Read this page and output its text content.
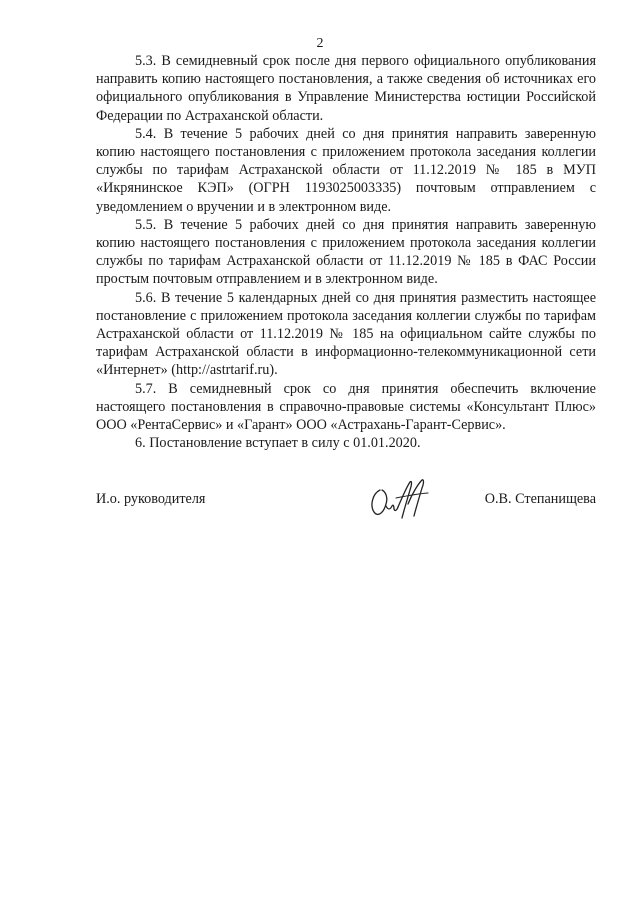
2

5.3. В семидневный срок после дня первого официального опубликования направить копию настоящего постановления, а также сведения об источниках его официального опубликования в Управление Министерства юстиции Российской Федерации по Астраханской области.

5.4. В течение 5 рабочих дней со дня принятия направить заверенную копию настоящего постановления с приложением протокола заседания коллегии службы по тарифам Астраханской области от 11.12.2019 № 185 в МУП «Икрянинское КЭП» (ОГРН 1193025003335) почтовым отправлением с уведомлением о вручении и в электронном виде.

5.5. В течение 5 рабочих дней со дня принятия направить заверенную копию настоящего постановления с приложением протокола заседания коллегии службы по тарифам Астраханской области от 11.12.2019 № 185 в ФАС России простым почтовым отправлением и в электронном виде.

5.6. В течение 5 календарных дней со дня принятия разместить настоящее постановление с приложением протокола заседания коллегии службы по тарифам Астраханской области от 11.12.2019 № 185 на официальном сайте службы по тарифам Астраханской области в информационно-телекоммуникационной сети «Интернет» (http://astrtarif.ru).

5.7. В семидневный срок со дня принятия обеспечить включение настоящего постановления в справочно-правовые системы «Консультант Плюс» ООО «РентаСервис» и «Гарант» ООО «Астрахань-Гарант-Сервис».

6. Постановление вступает в силу с 01.01.2020.

И.о. руководителя	О.В. Степанищева
